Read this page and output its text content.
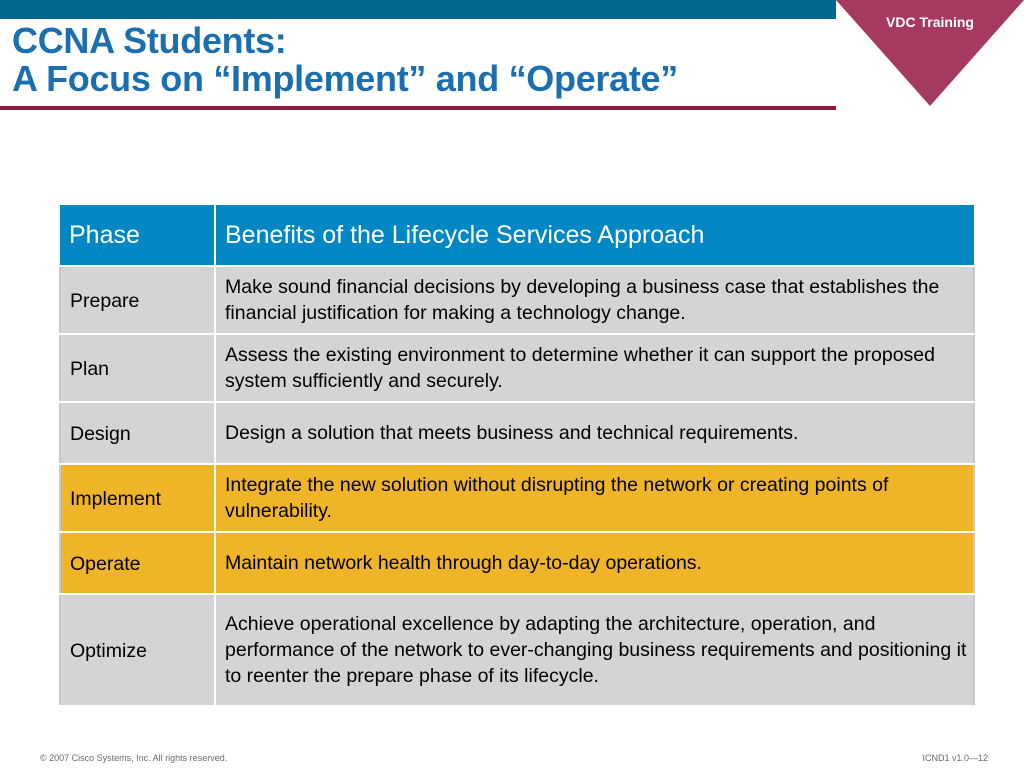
CCNA Students:
A Focus on “Implement” and “Operate”
VDC Training
Phase	Benefits of the Lifecycle Services Approach
Prepare	Make sound financial decisions by developing a business case that establishes the financial justification for making a technology change.
Plan	Assess the existing environment to determine whether it can support the proposed system sufficiently and securely.
Design	Design a solution that meets business and technical requirements.
Implement	Integrate the new solution without disrupting the network or creating points of vulnerability.
Operate	Maintain network health through day-to-day operations.
Optimize	Achieve operational excellence by adapting the architecture, operation, and performance of the network to ever-changing business requirements and positioning it to reenter the prepare phase of its lifecycle.
© 2007 Cisco Systems, Inc. All rights reserved.	ICND1 v1.0—12
